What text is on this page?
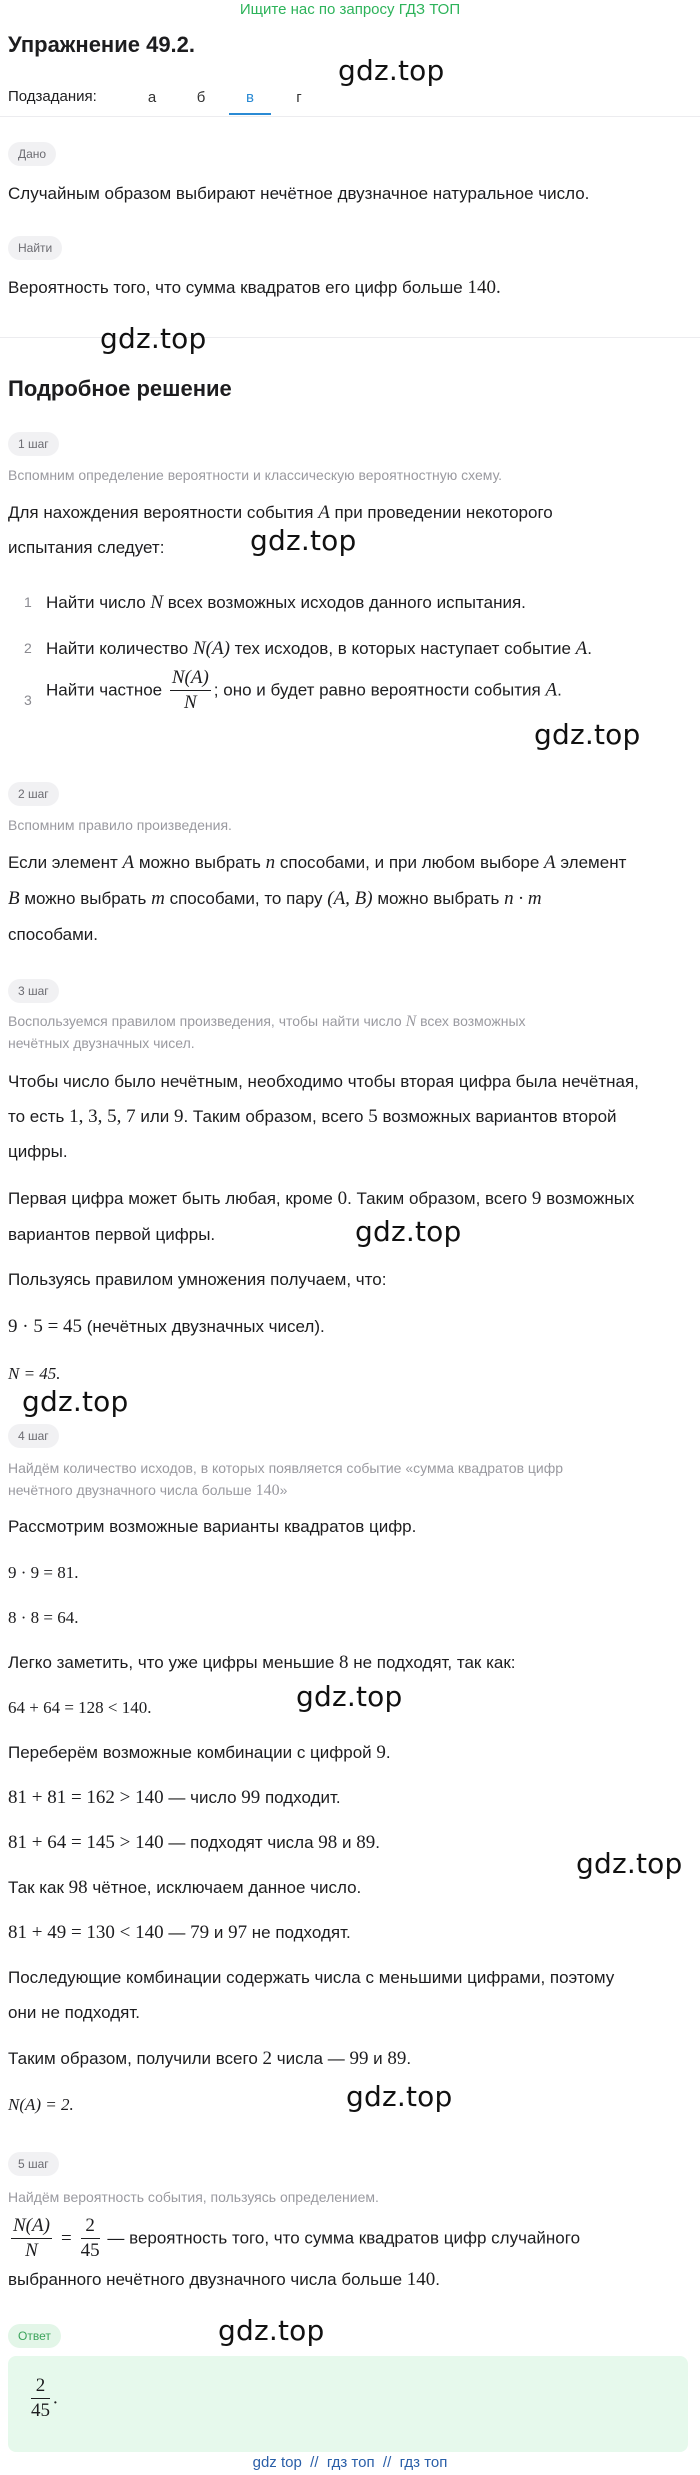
Ищите нас по запросу ГДЗ ТОП
Упражнение 49.2.
gdz.top
Подзадания:	а	б	в	г
Дано
Случайным образом выбирают нечётное двузначное натуральное число.
Найти
Вероятность того, что сумма квадратов его цифр больше 140.
gdz.top
Подробное решение
1 шаг
Вспомним определение вероятности и классическую вероятностную схему.
Для нахождения вероятности события A при проведении некоторого
испытания следует:	gdz.top
1 Найти число N всех возможных исходов данного испытания.
2 Найти количество N(A) тех исходов, в которых наступает событие A.
3
Найти частное $\frac{N(A)}{N}$ ; оно и будет равно вероятности события A.
gdz.top
2 шаг
Вспомним правило произведения.
Если элемент A можно выбрать n способами, и при любом выборе A элемент
B можно выбрать m способами, то пару (A, B) можно выбрать n · m
способами.
3 шаг
Воспользуемся правилом произведения, чтобы найти число N всех возможных
нечётных двузначных чисел.
Чтобы число было нечётным, необходимо чтобы вторая цифра была нечётная,
то есть 1, 3, 5, 7 или 9. Таким образом, всего 5 возможных вариантов второй
цифры.
Первая цифра может быть любая, кроме 0. Таким образом, всего 9 возможных
вариантов первой цифры.	gdz.top
Пользуясь правилом умножения получаем, что:
9 · 5 = 45 (нечётных двузначных чисел).
N = 45.
gdz.top
4 шаг
Найдём количество исходов, в которых появляется событие «сумма квадратов цифр
нечётного двузначного числа больше 140»
Рассмотрим возможные варианты квадратов цифр.
9 · 9 = 81.
8 · 8 = 64.
Легко заметить, что уже цифры меньшие 8 не подходят, так как:
64 + 64 = 128 < 140.	gdz.top
Переберём возможные комбинации с цифрой 9.
81 + 81 = 162 > 140 — число 99 подходит.
81 + 64 = 145 > 140 — подходят числа 98 и 89.
gdz.top
Так как 98 чётное, исключаем данное число.
81 + 49 = 130 < 140 — 79 и 97 не подходят.
Последующие комбинации содержать числа с меньшими цифрами, поэтому
они не подходят.
Таким образом, получили всего 2 числа — 99 и 89.
N(A) = 2.	gdz.top
5 шаг
Найдём вероятность события, пользуясь определением.
$\frac{N(A)}{N} = \frac{2}{45}$ — вероятность того, что сумма квадратов цифр случайного
выбранного нечётного двузначного числа больше 140.
Ответ	gdz.top
$\frac{2}{45}$ .
gdz top  //  гдз топ  //  гдз топ
